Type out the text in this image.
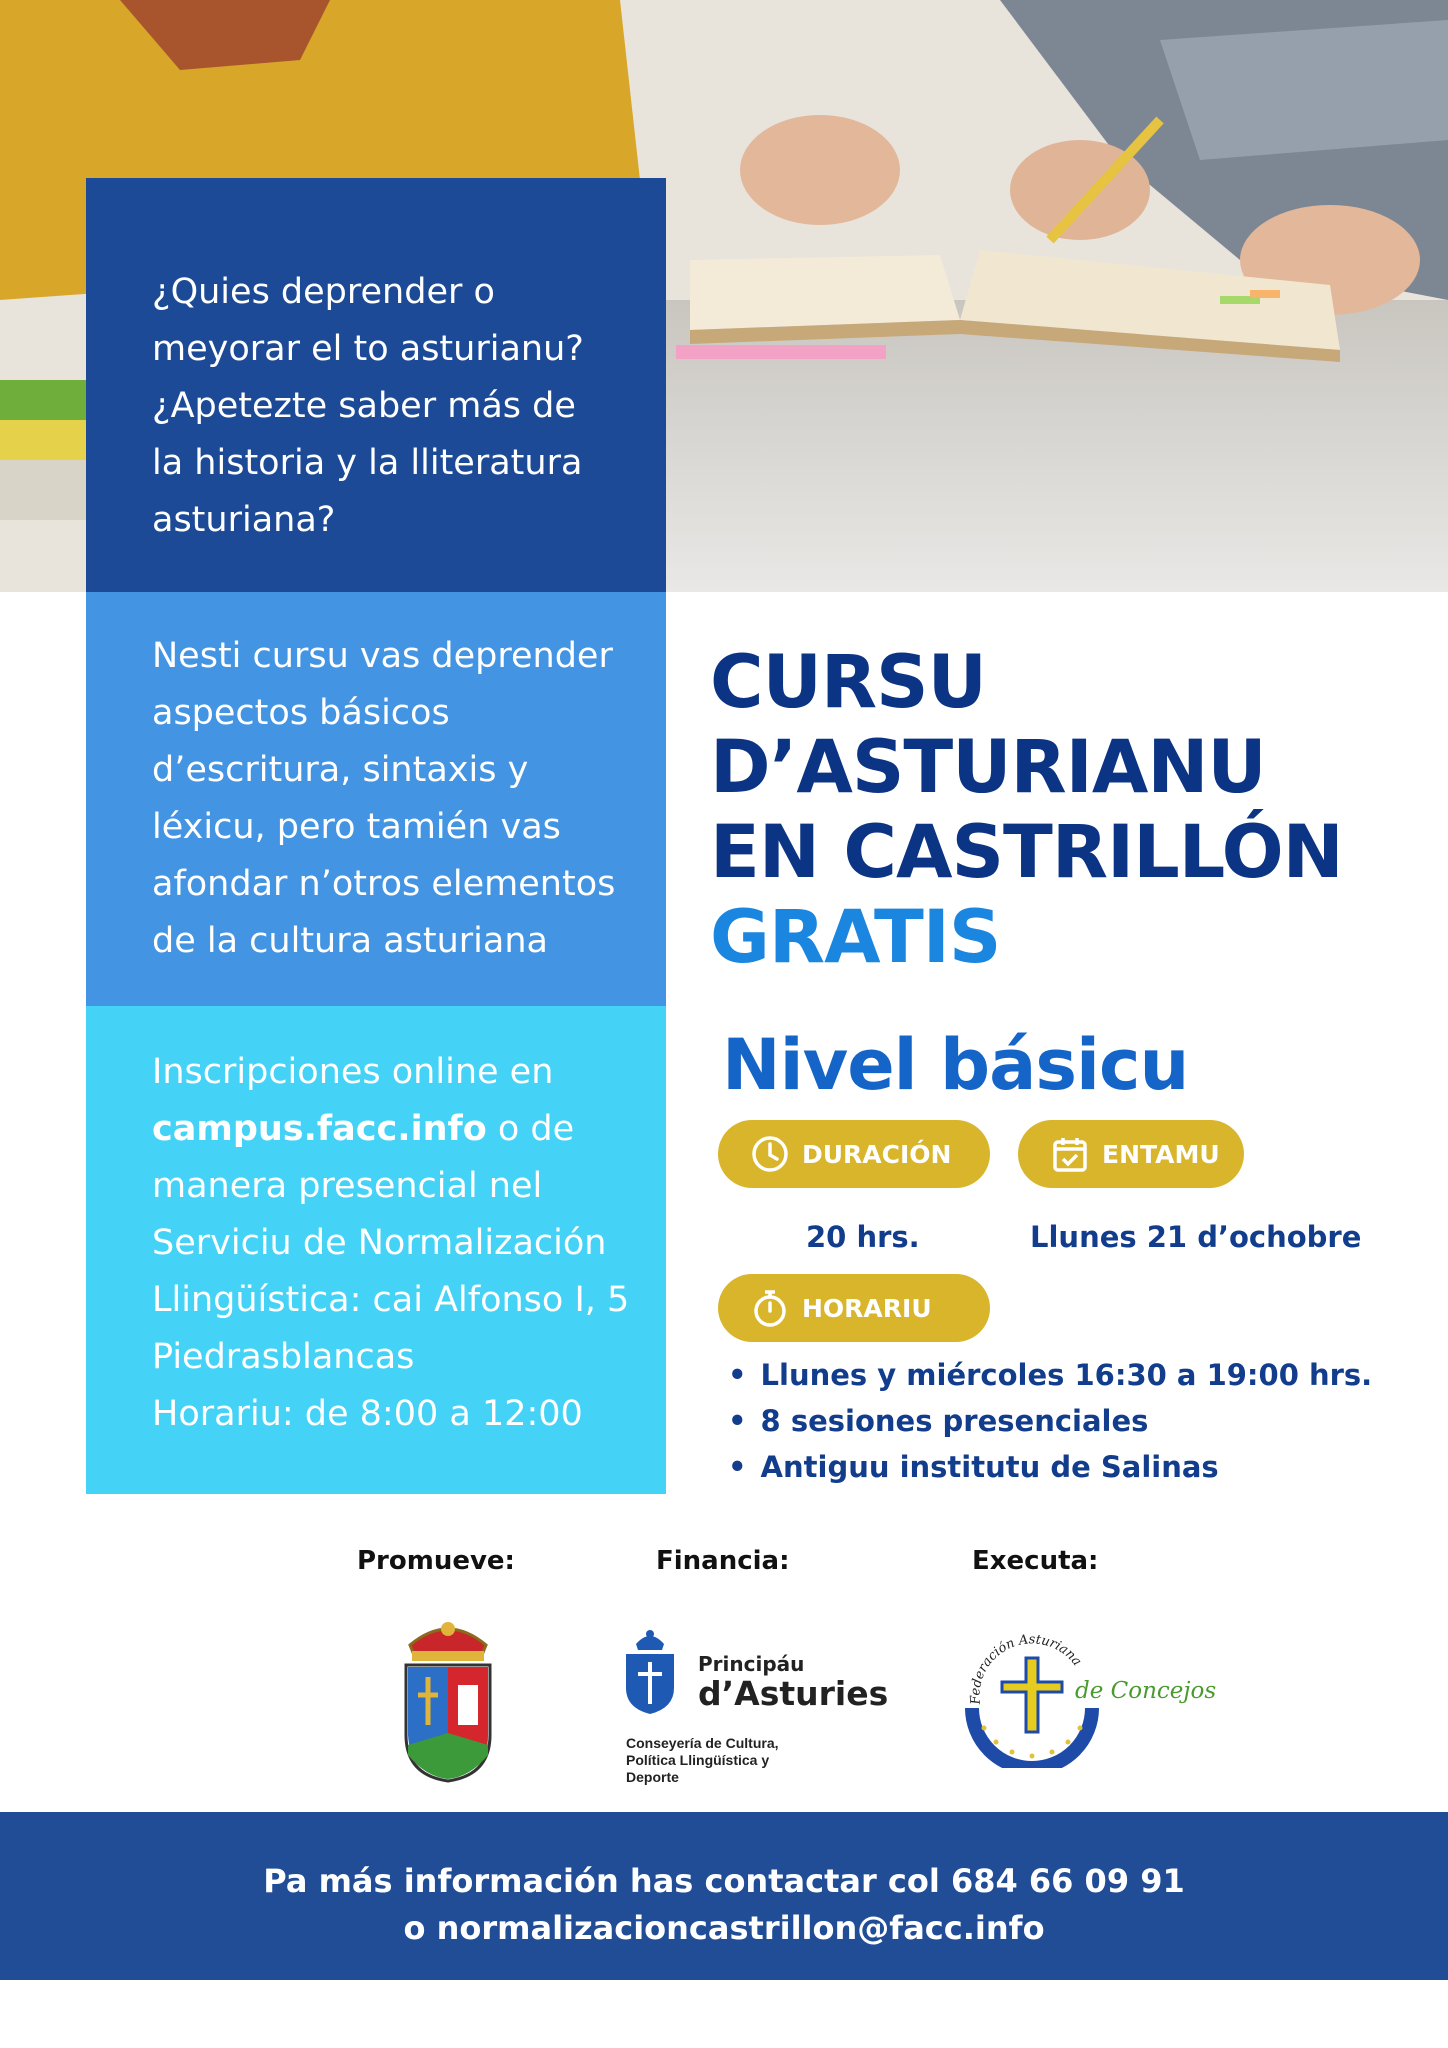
¿Quies deprender o

meyorar el to asturianu?

¿Apetezte saber más de

la historia y la lliteratura

asturiana?

Nesti cursu vas deprender

aspectos básicos

d’escritura, sintaxis y

léxicu, pero tamién vas

afondar n’otros elementos

de la cultura asturiana

Inscripciones online en

campus.facc.info o de

manera presencial nel

Serviciu de Normalización

Llingüística: cai Alfonso I, 5

Piedrasblancas

Horariu: de 8:00 a 12:00

CURSU
D’ASTURIANU
EN CASTRILLÓN
GRATIS
Nivel básicu
DURACIÓN	ENTAMU
20 hrs.	Llunes 21 d’ochobre
HORARIU
• Llunes y miércoles 16:30 a 19:00 hrs.
• 8 sesiones presenciales
• Antiguu institutu de Salinas
Promueve:	Financia:	Executa:
Principáu
d’Asturies
Conseyería de Cultura,
Política Llingüística y
Deporte
Federación Asturiana
de Concejos
Pa más información has contactar col 684 66 09 91
o normalizacioncastrillon@facc.info
